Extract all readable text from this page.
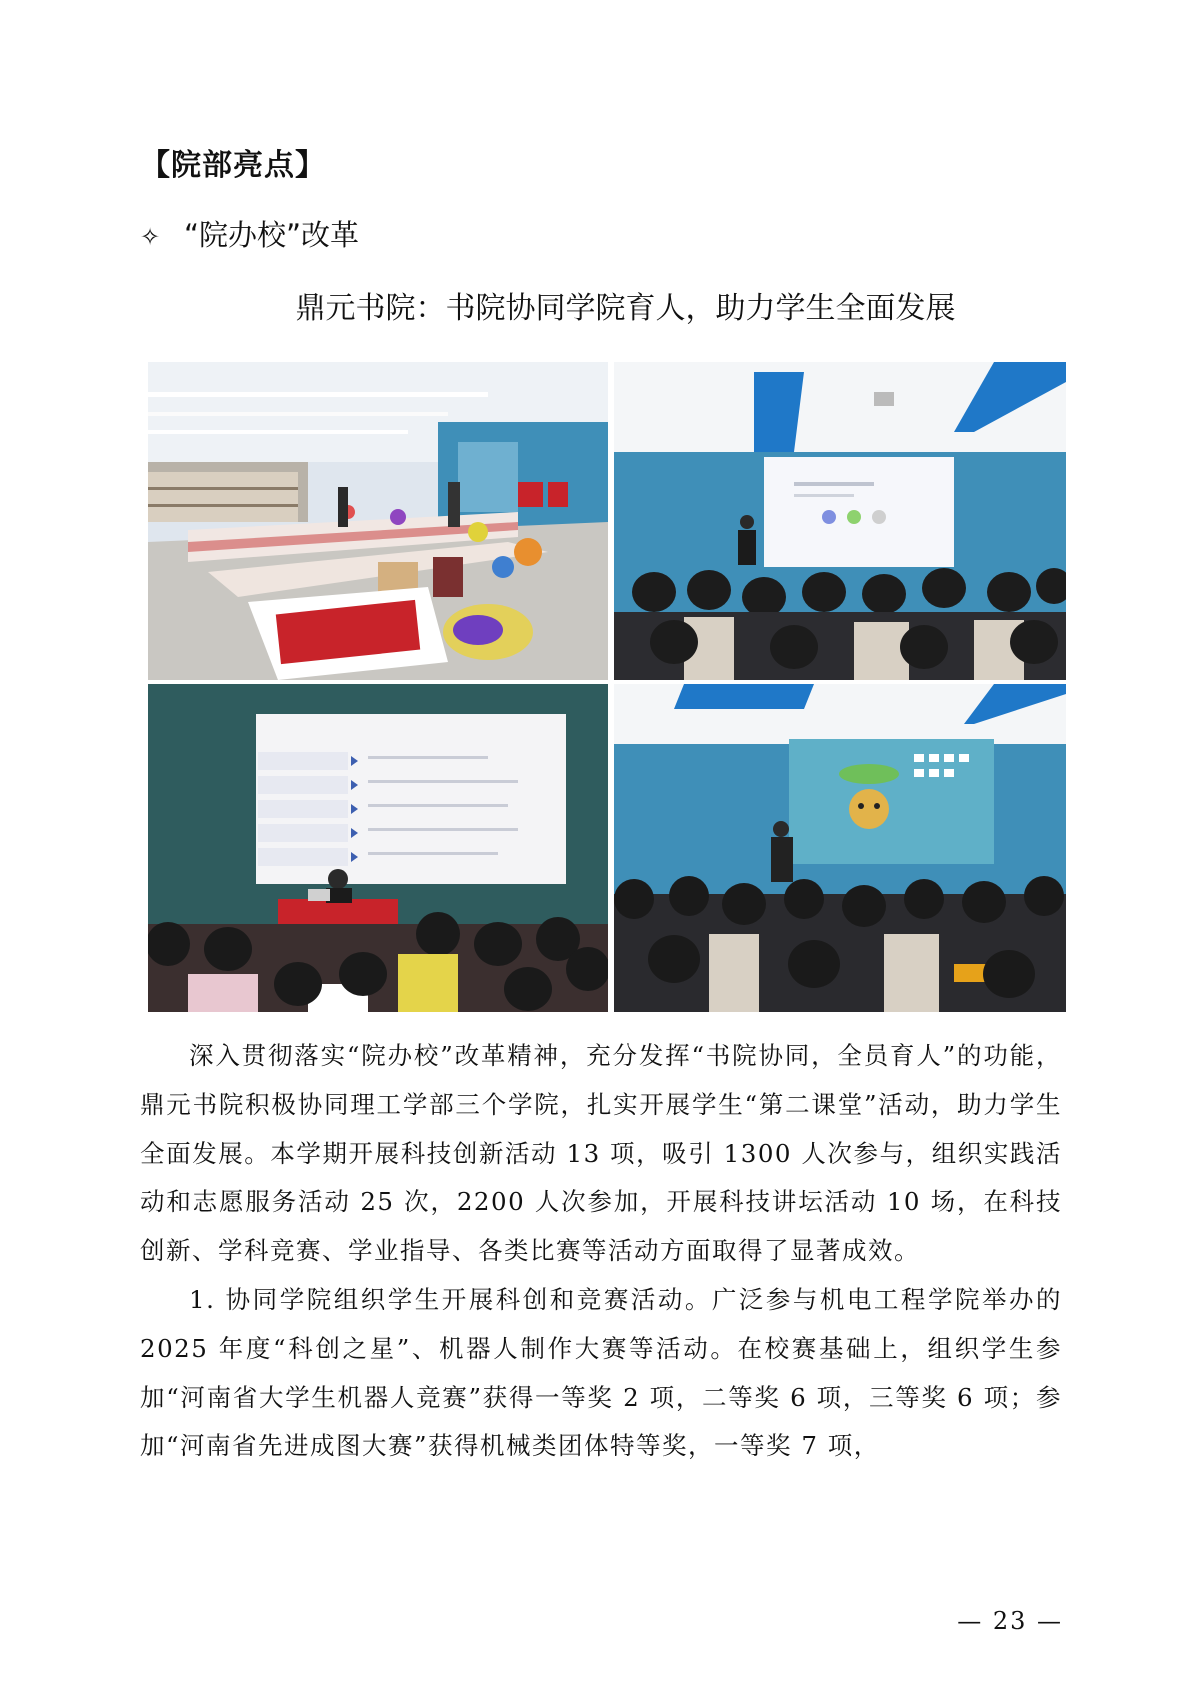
【院部亮点】
✧ “院办校”改革
鼎元书院：书院协同学院育人，助力学生全面发展

深入贯彻落实“院办校”改革精神，充分发挥“书院协同，全员育人”的功能，鼎元书院积极协同理工学部三个学院，扎实开展学生“第二课堂”活动，助力学生全面发展。本学期开展科技创新活动 13 项，吸引 1300 人次参与，组织实践活动和志愿服务活动 25 次，2200 人次参加，开展科技讲坛活动 10 场，在科技创新、学科竞赛、学业指导、各类比赛等活动方面取得了显著成效。

1. 协同学院组织学生开展科创和竞赛活动。广泛参与机电工程学院举办的 2025 年度“科创之星”、机器人制作大赛等活动。在校赛基础上，组织学生参加“河南省大学生机器人竞赛”获得一等奖 2 项，二等奖 6 项，三等奖 6 项；参加“河南省先进成图大赛”获得机械类团体特等奖，一等奖 7 项，

— 23 —
